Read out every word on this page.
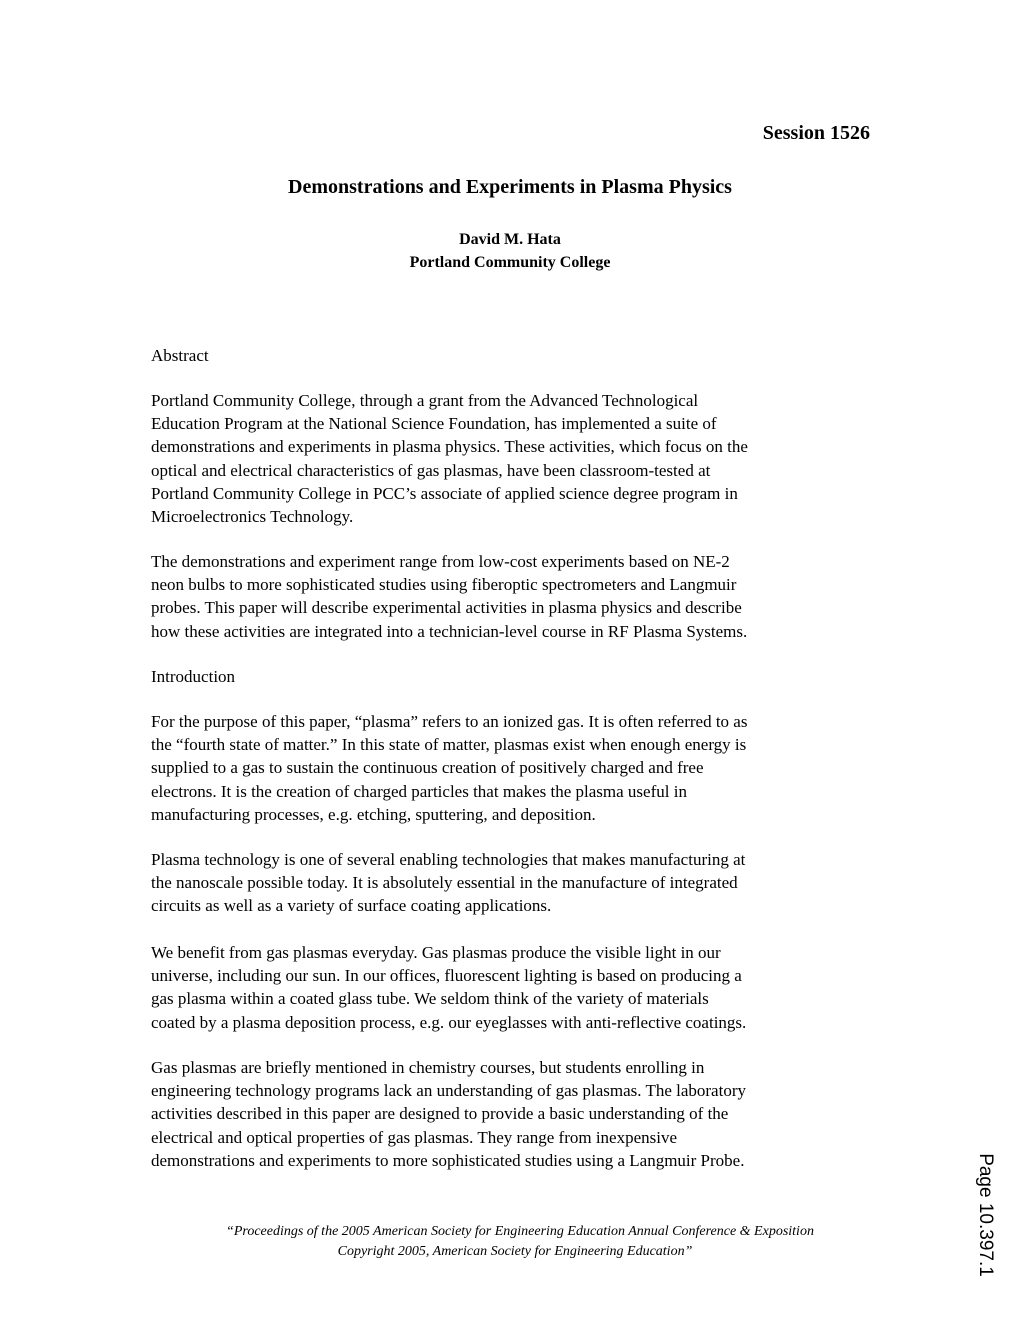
Session 1526
Demonstrations and Experiments in Plasma Physics
David M. Hata
Portland Community College
Abstract
Portland Community College, through a grant from the Advanced Technological
Education Program at the National Science Foundation, has implemented a suite of
demonstrations and experiments in plasma physics. These activities, which focus on the
optical and electrical characteristics of gas plasmas, have been classroom-tested at
Portland Community College in PCC’s associate of applied science degree program in
Microelectronics Technology.
The demonstrations and experiment range from low-cost experiments based on NE-2
neon bulbs to more sophisticated studies using fiberoptic spectrometers and Langmuir
probes. This paper will describe experimental activities in plasma physics and describe
how these activities are integrated into a technician-level course in RF Plasma Systems.
Introduction
For the purpose of this paper, “plasma” refers to an ionized gas. It is often referred to as
the “fourth state of matter.” In this state of matter, plasmas exist when enough energy is
supplied to a gas to sustain the continuous creation of positively charged and free
electrons. It is the creation of charged particles that makes the plasma useful in
manufacturing processes, e.g. etching, sputtering, and deposition.
Plasma technology is one of several enabling technologies that makes manufacturing at
the nanoscale possible today. It is absolutely essential in the manufacture of integrated
circuits as well as a variety of surface coating applications.
We benefit from gas plasmas everyday. Gas plasmas produce the visible light in our
universe, including our sun. In our offices, fluorescent lighting is based on producing a
gas plasma within a coated glass tube. We seldom think of the variety of materials
coated by a plasma deposition process, e.g. our eyeglasses with anti-reflective coatings.
Gas plasmas are briefly mentioned in chemistry courses, but students enrolling in
engineering technology programs lack an understanding of gas plasmas. The laboratory
activities described in this paper are designed to provide a basic understanding of the
electrical and optical properties of gas plasmas. They range from inexpensive
demonstrations and experiments to more sophisticated studies using a Langmuir Probe.
“Proceedings of the 2005 American Society for Engineering Education Annual Conference & Exposition
Copyright 2005, American Society for Engineering Education”	Page 10.397.1
